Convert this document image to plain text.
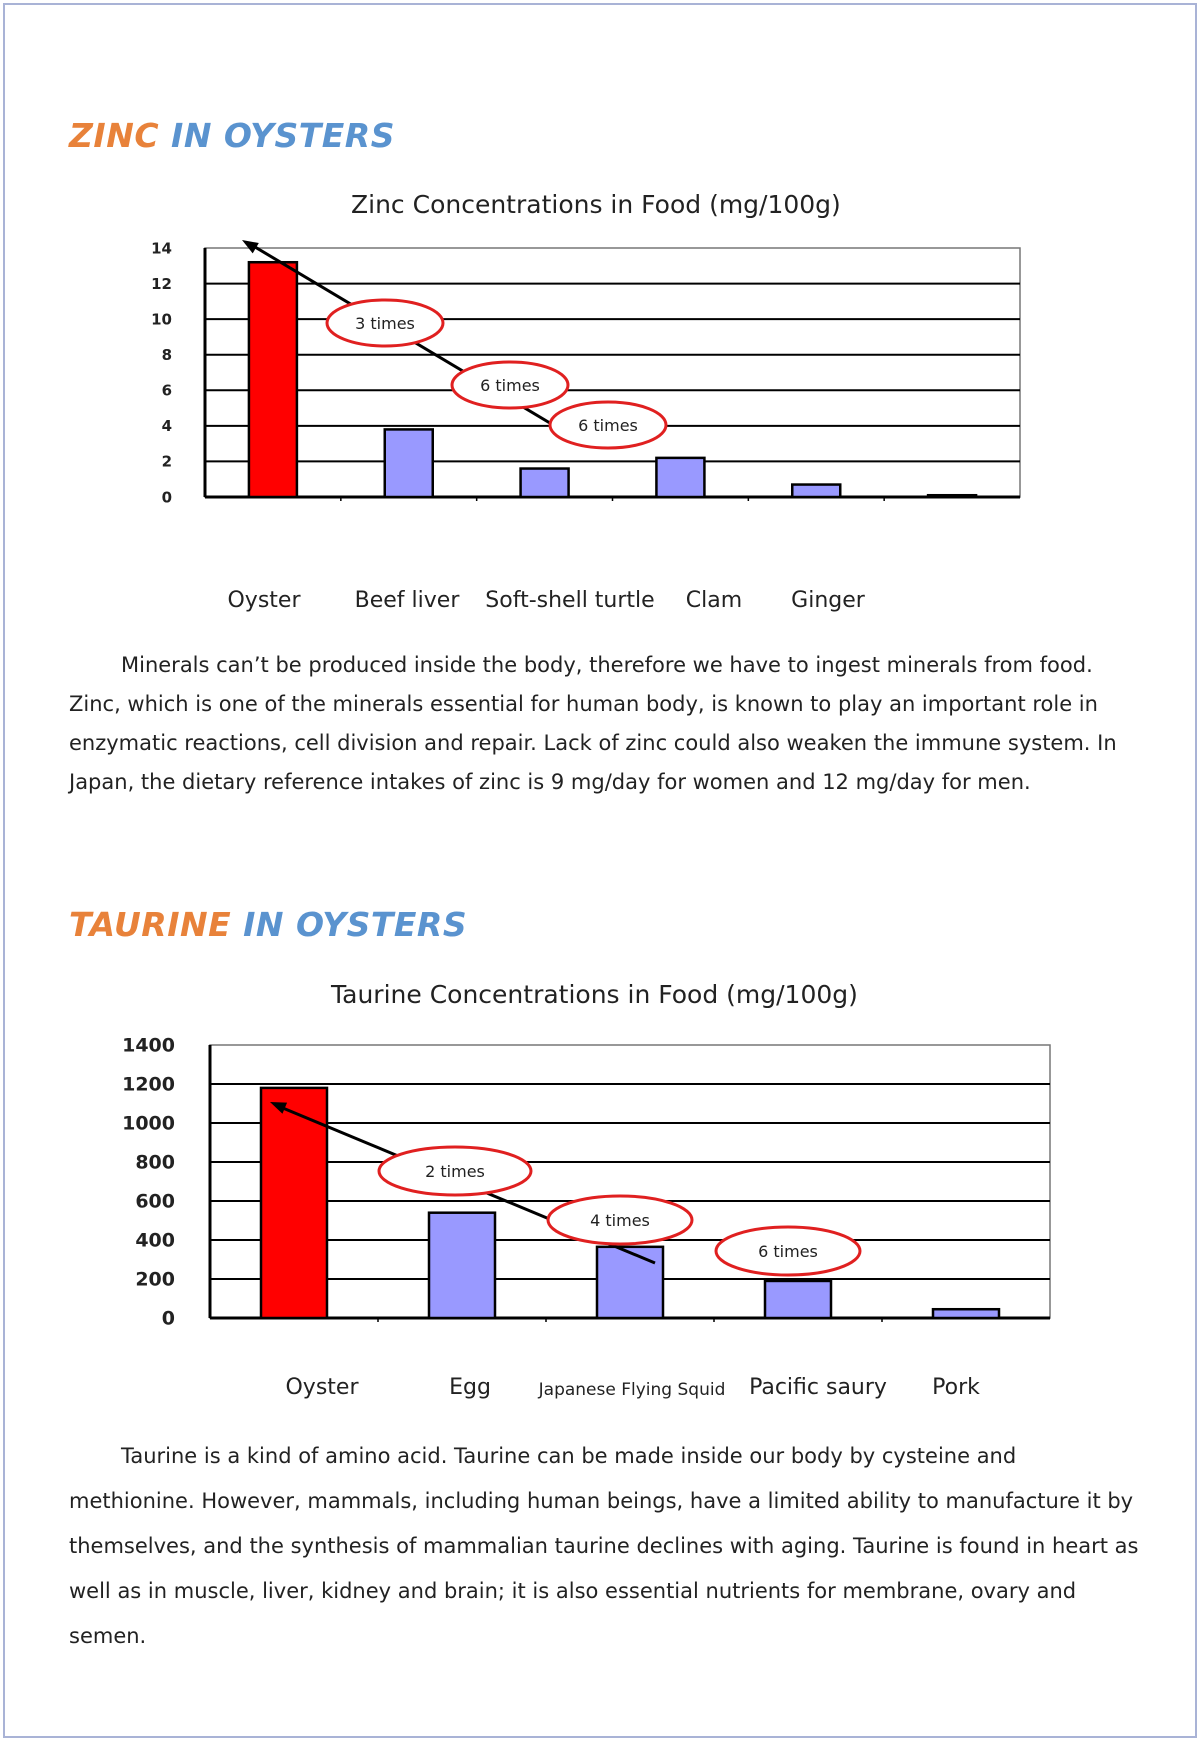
ZINC IN OYSTERS
Zinc Concentrations in Food (mg/100g)
0
2
4
6
8
10
12
14
3 times
6 times
6 times

Minerals can’t be produced inside the body, therefore we have to ingest minerals from food. Zinc, which is one of the minerals essential for human body, is known to play an important role in enzymatic reactions, cell division and repair. Lack of zinc could also weaken the immune system. In Japan, the dietary reference intakes of zinc is 9 mg/day for women and 12 mg/day for men.

TAURINE IN OYSTERS
Taurine Concentrations in Food (mg/100g)
0
200
400
600
800
1000
1200
1400
2 times
4 times
6 times

Taurine is a kind of amino acid. Taurine can be made inside our body by cysteine and methionine. However, mammals, including human beings, have a limited ability to manufacture it by themselves, and the synthesis of mammalian taurine declines with aging. Taurine is found in heart as well as in muscle, liver, kidney and brain; it is also essential nutrients for membrane, ovary and semen.

Oyster Beef liver Soft-shell turtle Clam Ginger
Oyster	Egg	Japanese Flying Squid Pacific saury Pork
